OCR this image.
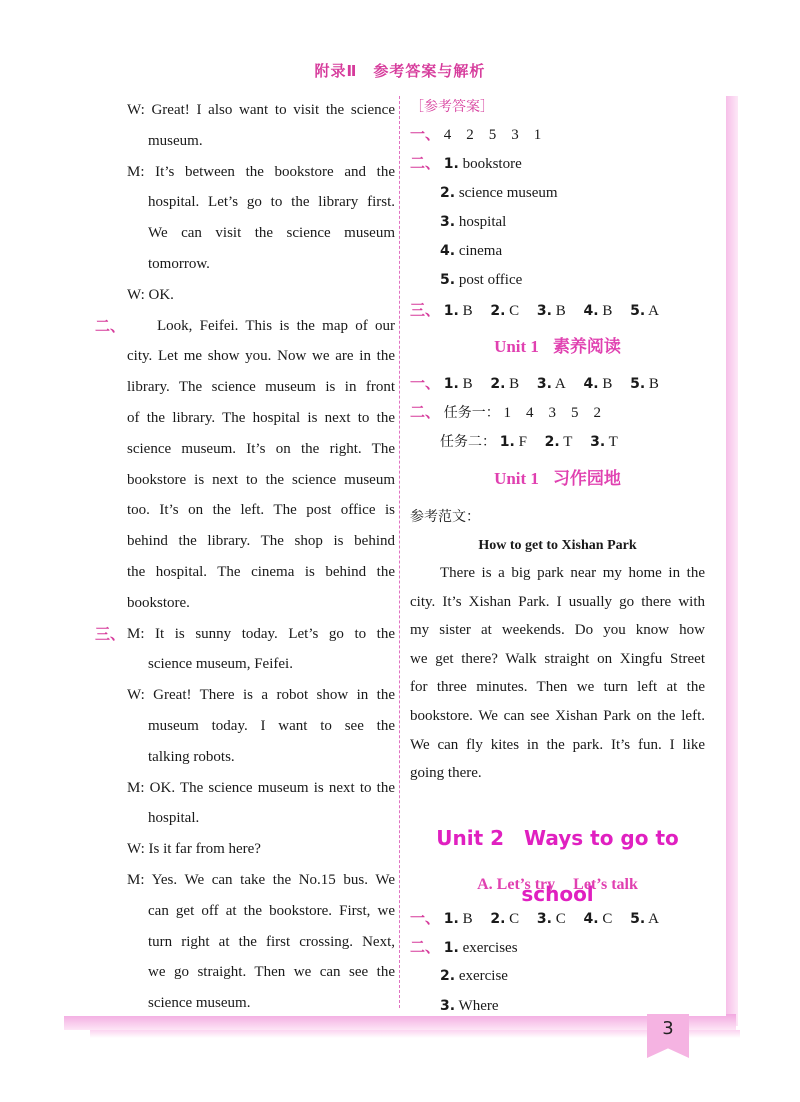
3
附录Ⅱ　参考答案与解析
W: Great! I also want to visit the science
museum.
M: It’s between the bookstore and the
hospital. Let’s go to the library first.
We can visit the science museum
tomorrow.
W: OK.
二、	Look, Feifei. This is the map of our
city. Let me show you. Now we are in the
library. The science museum is in front
of the library. The hospital is next to the
science museum. It’s on the right. The
bookstore is next to the science museum
too. It’s on the left. The post office is
behind the library. The shop is behind
the hospital. The cinema is behind the
bookstore.
三、 M: It is sunny today. Let’s go to the
science museum, Feifei.
W: Great! There is a robot show in the
museum today. I want to see the
talking robots.
M: OK. The science museum is next to the
hospital.
W: Is it far from here?
M: Yes. We can take the No.15 bus. We
can get off at the bookstore. First, we
turn right at the first crossing. Next,
we go straight. Then we can see the
science museum.
［参考答案］
一、 4　2　5　3　1
二、 1. bookstore
2. science museum
3. hospital
4. cinema
5. post office
三、 1. B 2. C 3. B 4. B 5. A
Unit 1 素养阅读
一、 1. B 2. B 3. A 4. B 5. B
二、 任务一： 1　4　3　5　2
任务二： 1. F 2. T 3. T
Unit 1 习作园地
参考范文：
How to get to Xishan Park
There is a big park near my home in the
city. It’s Xishan Park. I usually go there with
my sister at weekends. Do you know how
we get there? Walk straight on Xingfu Street
for three minutes. Then we turn left at the
bookstore. We can see Xishan Park on the left.
We can fly kites in the park. It’s fun. I like
going there.
Unit 2 Ways to go to school
A. Let’s try Let’s talk
一、 1. B 2. C 3. C 4. C 5. A
二、 1. exercises
2. exercise
3. Where
